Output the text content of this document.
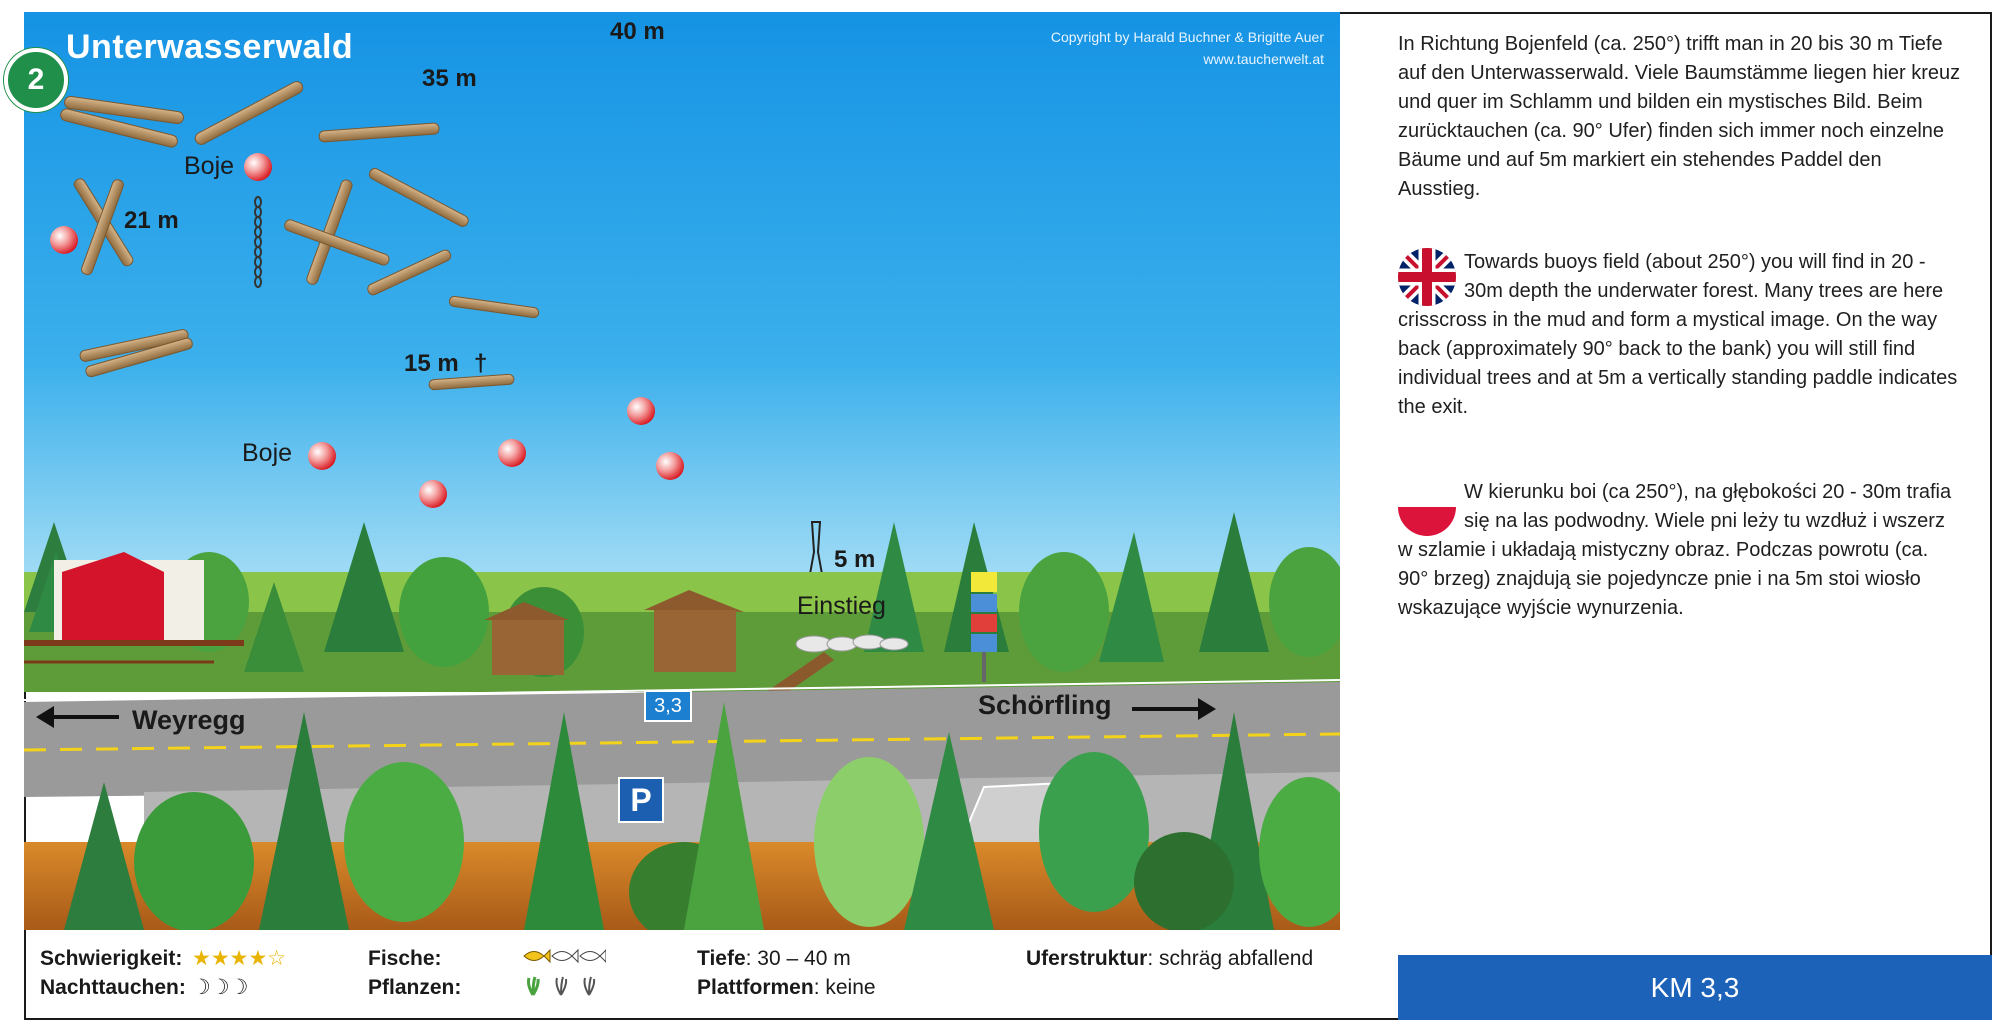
2
Unterwasserwald	Copyright by Harald Buchner & Brigitte Auer
www.taucherwelt.at
40 m
35 m
21 m
15 m †
5 m
Boje
Boje
Einstieg
Weyregg	Schörfling
3,3
P

In Richtung Bojenfeld (ca. 250°) trifft man in 20 bis 30 m Tiefe auf den Unterwasserwald. Viele Baumstämme liegen hier kreuz und quer im Schlamm und bilden ein mystisches Bild. Beim zurücktauchen (ca. 90° Ufer) finden sich immer noch einzelne Bäume und auf 5m markiert ein stehendes Paddel den Ausstieg.

Towards buoys field (about 250°) you will find in 20 - 30m depth the underwater forest. Many trees are here crisscross in the mud and form a mystical image. On the way back (approximately 90° back to the bank) you will still find individual trees and at 5m a vertically standing paddle indicates the exit.

W kierunku boi (ca 250°), na głębokości 20 - 30m trafia się na las podwodny. Wiele pni leży tu wzdłuż i wszerz w szlamie i układają mistyczny obraz. Podczas powrotu (ca. 90° brzeg) znajdują sie pojedyncze pnie i na 5m stoi wiosło wskazujące wyjście wynurzenia.

Schwierigkeit: ★★★★☆
Nachttauchen: ☽☽☽
Fische:
Pflanzen:
Tiefe: 30 – 40 m
Plattformen: keine
Uferstruktur: schräg abfallend
KM 3,3
